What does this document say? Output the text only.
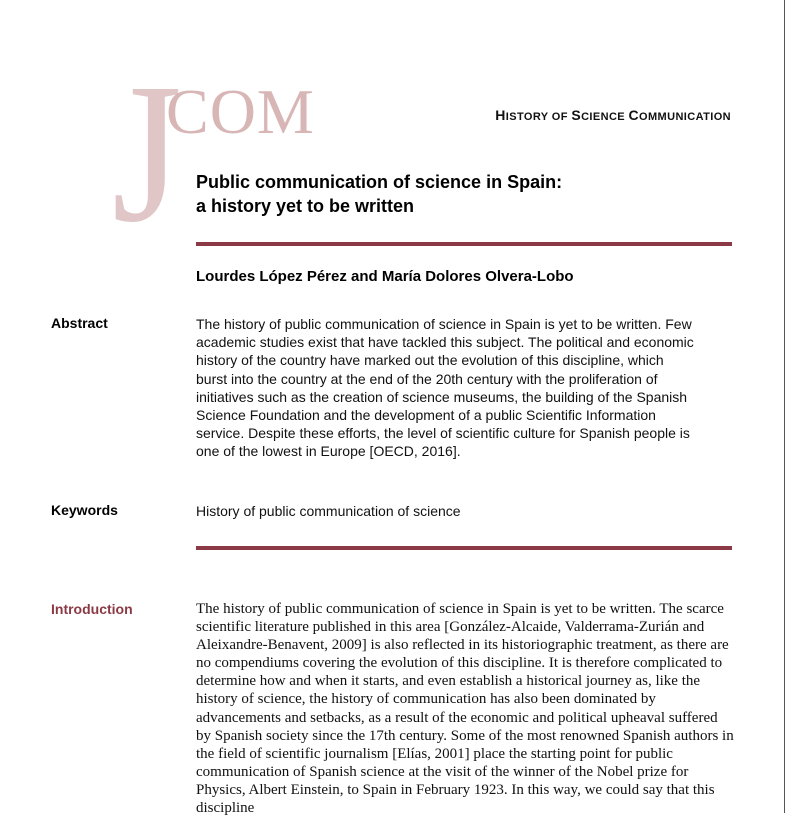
J
COM	HISTORY OF SCIENCE COMMUNICATION
Public communication of science in Spain:
a history yet to be written
Lourdes López Pérez and María Dolores Olvera-Lobo
Abstract	The history of public communication of science in Spain is yet to be written. Few academic studies exist that have tackled this subject. The political and economic history of the country have marked out the evolution of this discipline, which burst into the country at the end of the 20th century with the proliferation of initiatives such as the creation of science museums, the building of the Spanish Science Foundation and the development of a public Scientific Information service. Despite these efforts, the level of scientific culture for Spanish people is one of the lowest in Europe [OECD, 2016].
Keywords	History of public communication of science
Introduction	The history of public communication of science in Spain is yet to be written. The scarce scientific literature published in this area [González-Alcaide, Valderrama-Zurián and Aleixandre-Benavent, 2009] is also reflected in its historiographic treatment, as there are no compendiums covering the evolution of this discipline. It is therefore complicated to determine how and when it starts, and even establish a historical journey as, like the history of science, the history of communication has also been dominated by advancements and setbacks, as a result of the economic and political upheaval suffered by Spanish society since the 17th century. Some of the most renowned Spanish authors in the field of scientific journalism [Elías, 2001] place the starting point for public communication of Spanish science at the visit of the winner of the Nobel prize for Physics, Albert Einstein, to Spain in February 1923. In this way, we could say that this discipline
